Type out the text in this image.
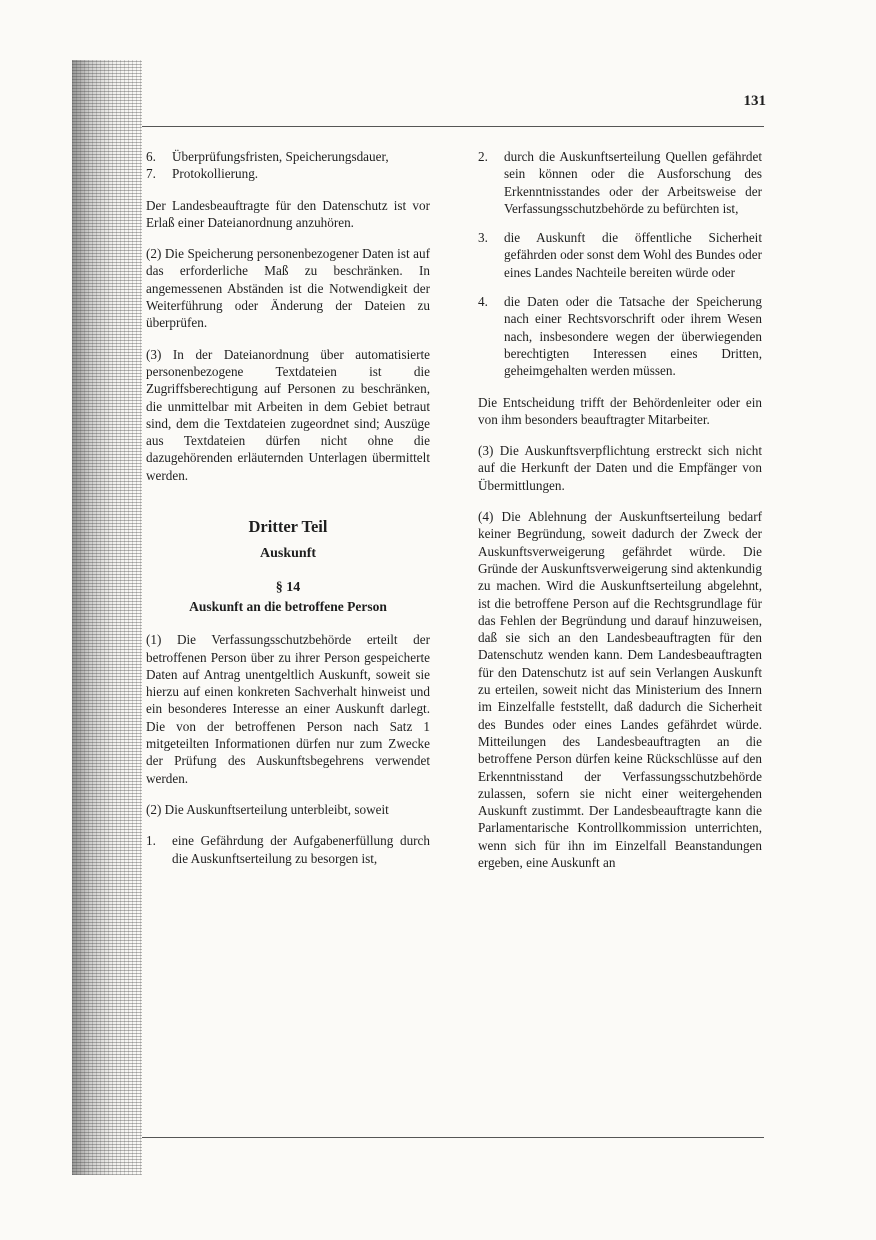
131
6. Überprüfungsfristen, Speicherungsdauer,
7. Protokollierung.

Der Landesbeauftragte für den Datenschutz ist vor Erlaß einer Dateianordnung anzuhören.

(2) Die Speicherung personenbezogener Daten ist auf das erforderliche Maß zu beschränken. In angemessenen Abständen ist die Notwendigkeit der Weiterführung oder Änderung der Dateien zu überprüfen.

(3) In der Dateianordnung über automatisierte personenbezogene Textdateien ist die Zugriffsberechtigung auf Personen zu beschränken, die unmittelbar mit Arbeiten in dem Gebiet betraut sind, dem die Textdateien zugeordnet sind; Auszüge aus Textdateien dürfen nicht ohne die dazugehörenden erläuternden Unterlagen übermittelt werden.

Dritter Teil

Auskunft

§ 14

Auskunft an die betroffene Person

(1) Die Verfassungsschutzbehörde erteilt der betroffenen Person über zu ihrer Person gespeicherte Daten auf Antrag unentgeltlich Auskunft, soweit sie hierzu auf einen konkreten Sachverhalt hinweist und ein besonderes Interesse an einer Auskunft darlegt. Die von der betroffenen Person nach Satz 1 mitgeteilten Informationen dürfen nur zum Zwecke der Prüfung des Auskunftsbegehrens verwendet werden.

(2) Die Auskunftserteilung unterbleibt, soweit

1. eine Gefährdung der Aufgabenerfüllung durch die Auskunftserteilung zu besorgen ist,
2. durch die Auskunftserteilung Quellen gefährdet sein können oder die Ausforschung des Erkenntnisstandes oder der Arbeitsweise der Verfassungsschutzbehörde zu befürchten ist,
3. die Auskunft die öffentliche Sicherheit gefährden oder sonst dem Wohl des Bundes oder eines Landes Nachteile bereiten würde oder
4. die Daten oder die Tatsache der Speicherung nach einer Rechtsvorschrift oder ihrem Wesen nach, insbesondere wegen der überwiegenden berechtigten Interessen eines Dritten, geheimgehalten werden müssen.

Die Entscheidung trifft der Behördenleiter oder ein von ihm besonders beauftragter Mitarbeiter.

(3) Die Auskunftsverpflichtung erstreckt sich nicht auf die Herkunft der Daten und die Empfänger von Übermittlungen.

(4) Die Ablehnung der Auskunftserteilung bedarf keiner Begründung, soweit dadurch der Zweck der Auskunftsverweigerung gefährdet würde. Die Gründe der Auskunftsverweigerung sind aktenkundig zu machen. Wird die Auskunftserteilung abgelehnt, ist die betroffene Person auf die Rechtsgrundlage für das Fehlen der Begründung und darauf hinzuweisen, daß sie sich an den Landesbeauftragten für den Datenschutz wenden kann. Dem Landesbeauftragten für den Datenschutz ist auf sein Verlangen Auskunft zu erteilen, soweit nicht das Ministerium des Innern im Einzelfalle feststellt, daß dadurch die Sicherheit des Bundes oder eines Landes gefährdet würde. Mitteilungen des Landesbeauftragten an die betroffene Person dürfen keine Rückschlüsse auf den Erkenntnisstand der Verfassungsschutzbehörde zulassen, sofern sie nicht einer weitergehenden Auskunft zustimmt. Der Landesbeauftragte kann die Parlamentarische Kontrollkommission unterrichten, wenn sich für ihn im Einzelfall Beanstandungen ergeben, eine Auskunft an
